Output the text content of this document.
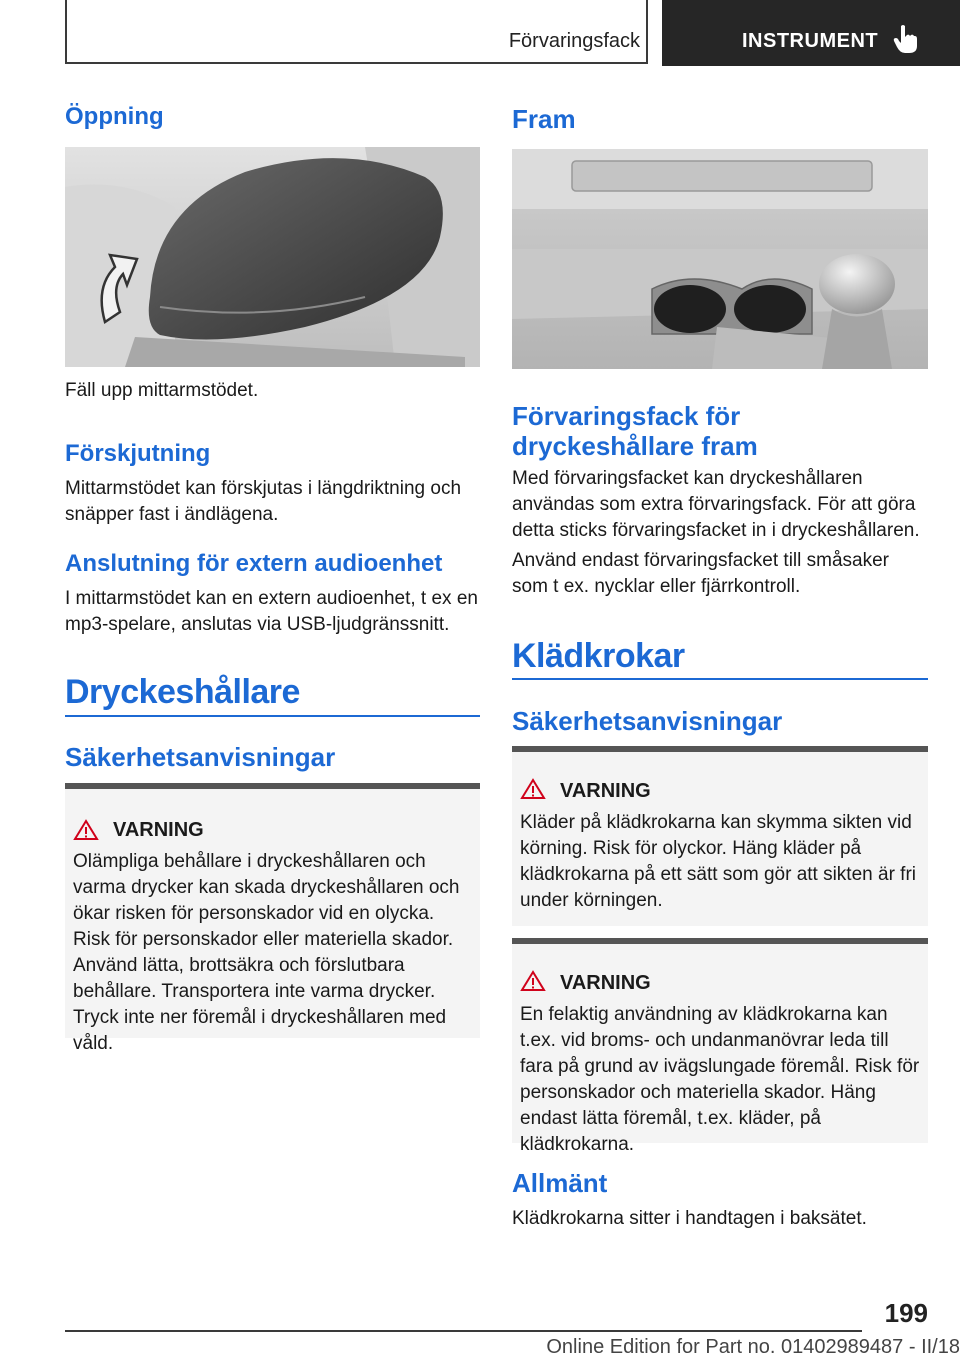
Förvaringsfack	INSTRUMENT
Öppning
Fäll upp mittarmstödet.
Förskjutning
Mittarmstödet kan förskjutas i längdriktning och snäpper fast i ändlägena.
Anslutning för extern audioenhet
I mittarmstödet kan en extern audioenhet, t ex en mp3-spelare, anslutas via USB-ljudgränssnitt.
Dryckeshållare
Säkerhetsanvisningar
VARNING
Olämpliga behållare i dryckeshållaren och varma drycker kan skada dryckeshållaren och ökar risken för personskador vid en olycka. Risk för personskador eller materiella skador. Använd lätta, brottsäkra och förslutbara behållare. Transportera inte varma drycker. Tryck inte ner föremål i dryckeshållaren med våld.
Fram
Förvaringsfack för
dryckeshållare fram
Med förvaringsfacket kan dryckeshållaren användas som extra förvaringsfack. För att göra detta sticks förvaringsfacket in i dryckeshållaren.
Använd endast förvaringsfacket till småsaker som t ex. nycklar eller fjärrkontroll.
Klädkrokar
Säkerhetsanvisningar
VARNING
Kläder på klädkrokarna kan skymma sikten vid körning. Risk för olyckor. Häng kläder på klädkrokarna på ett sätt som gör att sikten är fri under körningen.
VARNING
En felaktig användning av klädkrokarna kan t.ex. vid broms- och undanmanövrar leda till fara på grund av ivägslungade föremål. Risk för personskador och materiella skador. Häng endast lätta föremål, t.ex. kläder, på klädkrokarna.
Allmänt
Klädkrokarna sitter i handtagen i baksätet.
199
Online Edition for Part no. 01402989487 - II/18
